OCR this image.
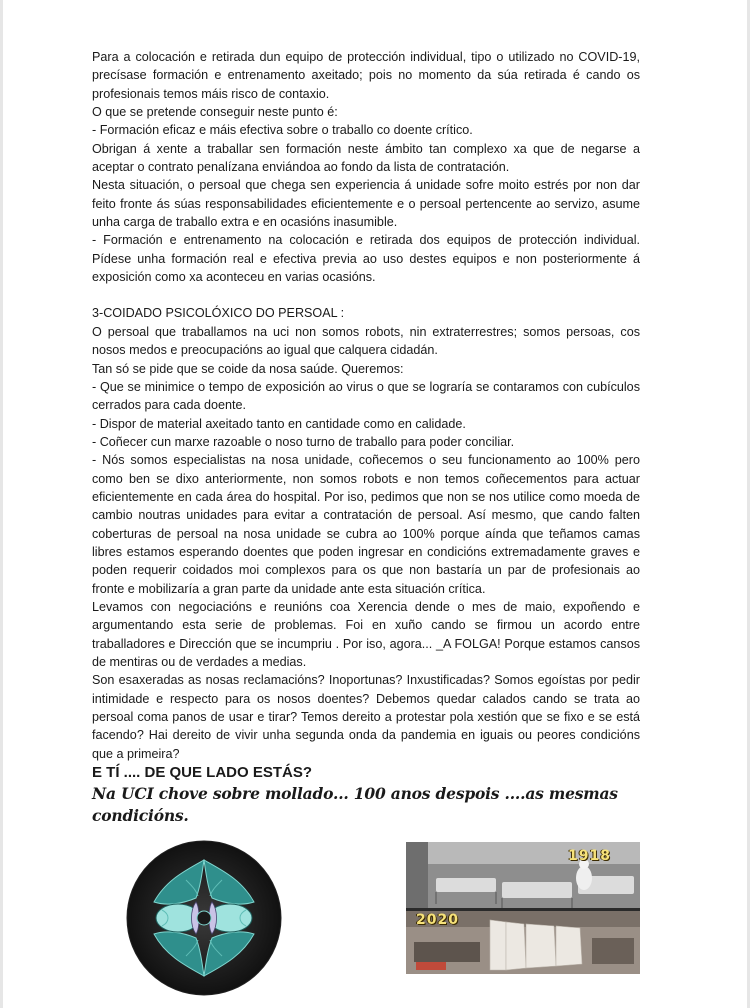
Para a colocación e retirada dun equipo de protección individual, tipo o utilizado no COVID-19, precísase formación e entrenamento axeitado; pois no momento da súa retirada é cando os profesionais temos máis risco de contaxio.

O que se pretende conseguir neste punto é:

- Formación eficaz e máis efectiva sobre o traballo co doente crítico.

Obrigan á xente a traballar sen formación neste ámbito tan complexo xa que de negarse a aceptar o contrato penalízana enviándoa ao fondo da lista de contratación.

Nesta situación, o persoal que chega sen experiencia á unidade sofre moito estrés por non dar feito fronte ás súas responsabilidades eficientemente e o persoal pertencente ao servizo, asume unha carga de traballo extra e en ocasións inasumible.

- Formación e entrenamento na colocación e retirada dos equipos de protección individual. Pídese unha formación real e efectiva previa ao uso destes equipos e non posteriormente á exposición como xa aconteceu en varias ocasións.

3-COIDADO PSICOLÓXICO DO PERSOAL :

O persoal que traballamos na uci non somos robots, nin extraterrestres; somos persoas, cos nosos medos e preocupacións ao igual que calquera cidadán.

Tan só se pide que se coide da nosa saúde. Queremos:

- Que se minimice o tempo de exposición ao virus o que se lograría se contaramos con cubículos cerrados para cada doente.

- Dispor de material axeitado tanto en cantidade como en calidade.

- Coñecer cun marxe razoable o noso turno de traballo para poder conciliar.

- Nós somos especialistas na nosa unidade, coñecemos o seu funcionamento ao 100% pero como ben se dixo anteriormente, non somos robots e non temos coñecementos para actuar eficientemente en cada área do hospital. Por iso, pedimos que non se nos utilice como moeda de cambio noutras unidades para evitar a contratación de persoal. Así mesmo, que cando falten coberturas de persoal na nosa unidade se cubra ao 100% porque aínda que teñamos camas libres estamos esperando doentes que poden ingresar en condicións extremadamente graves e poden requerir coidados moi complexos para os que non bastaría un par de profesionais ao fronte e mobilizaría a gran parte da unidade ante esta situación crítica.

Levamos con negociacións e reunións coa Xerencia dende o mes de maio, expoñendo e argumentando esta serie de problemas. Foi en xuño cando se firmou un acordo entre traballadores e Dirección que se incumpriu . Por iso, agora... _A FOLGA! Porque estamos cansos de mentiras ou de verdades a medias.

Son esaxeradas as nosas reclamacións? Inoportunas? Inxustificadas? Somos egoístas por pedir intimidade e respecto para os nosos doentes? Debemos quedar calados cando se trata ao persoal coma panos de usar e tirar? Temos dereito a protestar pola xestión que se fixo e se está facendo? Hai dereito de vivir unha segunda onda da pandemia en iguais ou peores condicións que a primeira?

E TÍ .... DE QUE LADO ESTÁS?

Na UCI chove sobre mollado... 100 anos despois ....as mesmas condicións.

1918
2020
